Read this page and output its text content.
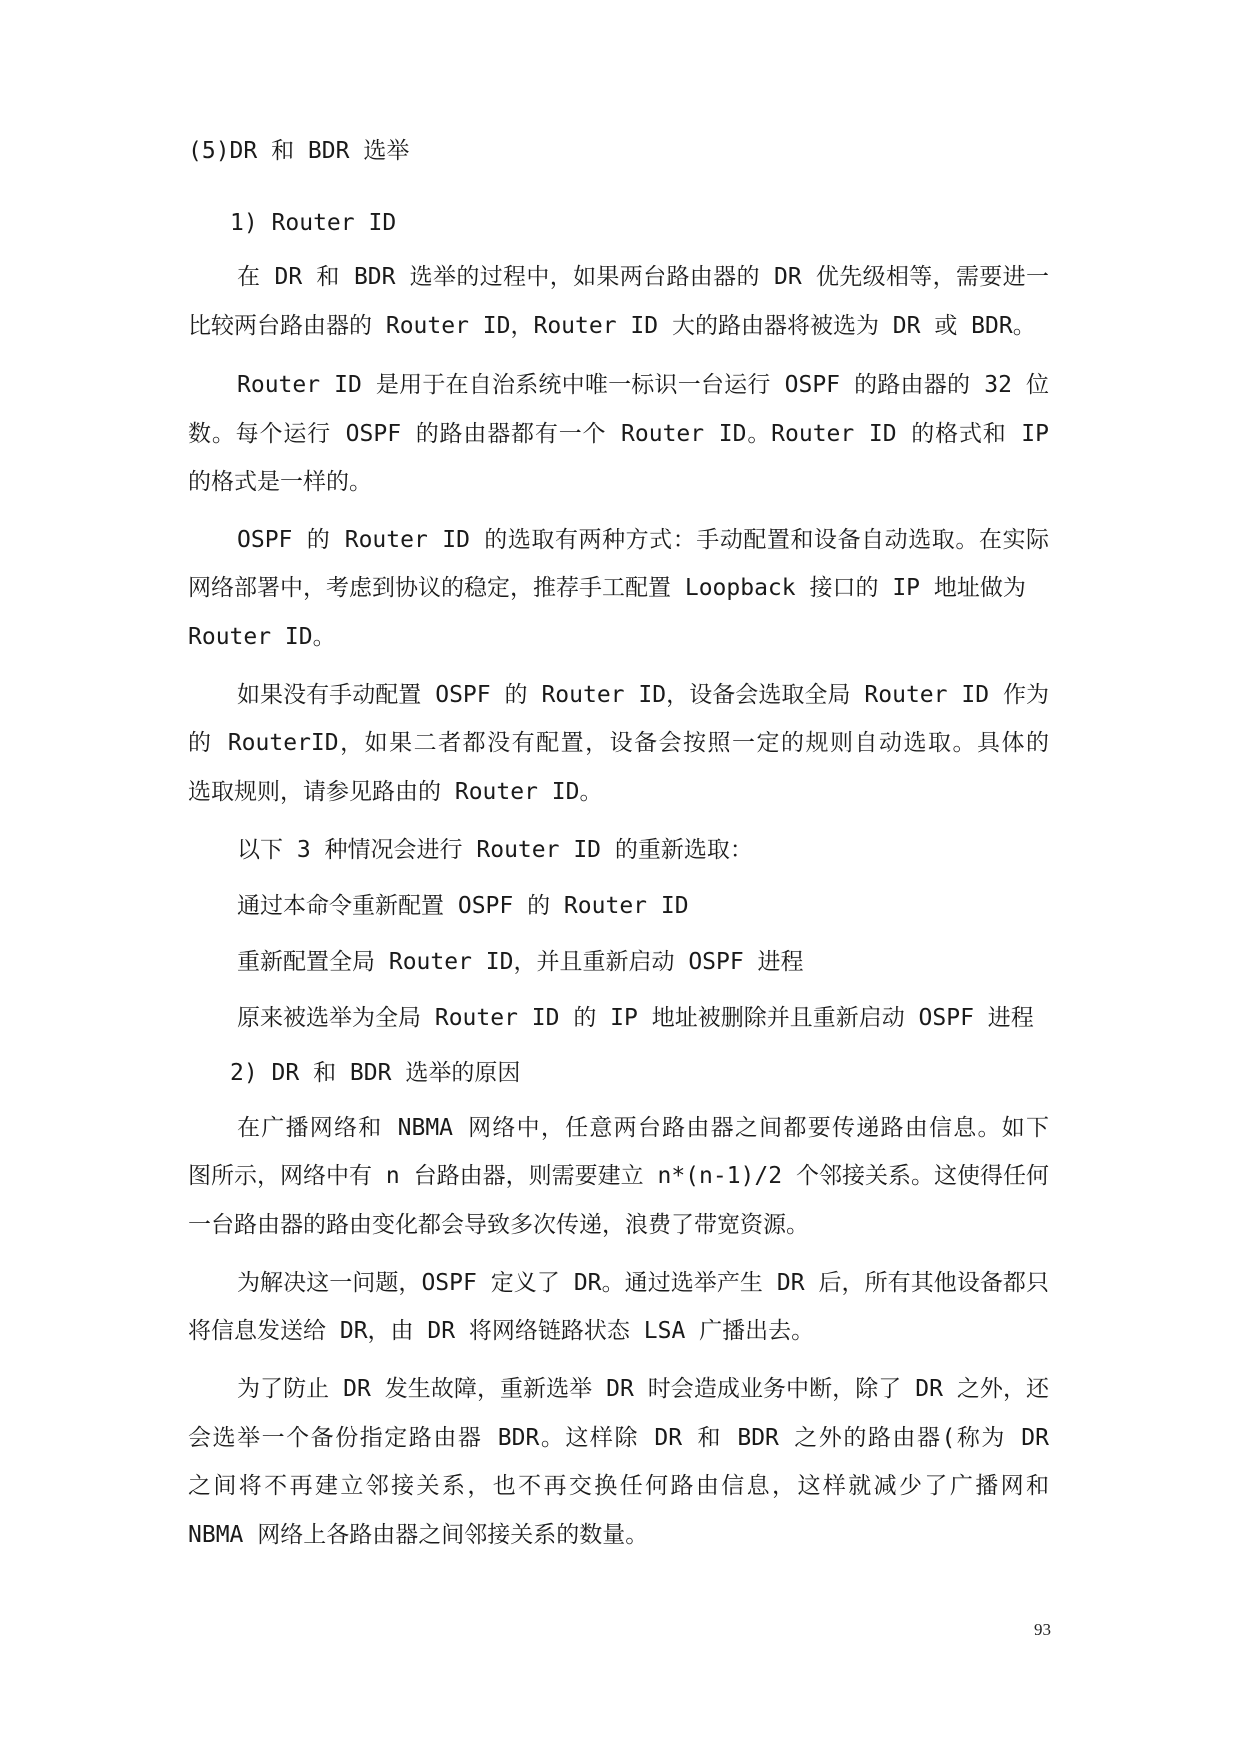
(5)DR 和 BDR 选举
1) Router ID
在 DR 和 BDR 选举的过程中，如果两台路由器的 DR 优先级相等，需要进一
比较两台路由器的 Router ID，Router ID 大的路由器将被选为 DR 或 BDR。
Router ID 是用于在自治系统中唯一标识一台运行 OSPF 的路由器的 32 位
数。每个运行 OSPF 的路由器都有一个 Router ID。Router ID 的格式和 IP
的格式是一样的。
OSPF 的 Router ID 的选取有两种方式：手动配置和设备自动选取。在实际
网络部署中，考虑到协议的稳定，推荐手工配置 Loopback 接口的 IP 地址做为
Router ID。
如果没有手动配置 OSPF 的 Router ID，设备会选取全局 Router ID 作为
的 RouterID，如果二者都没有配置，设备会按照一定的规则自动选取。具体的
选取规则，请参见路由的 Router ID。
以下 3 种情况会进行 Router ID 的重新选取：
通过本命令重新配置 OSPF 的 Router ID
重新配置全局 Router ID，并且重新启动 OSPF 进程
原来被选举为全局 Router ID 的 IP 地址被删除并且重新启动 OSPF 进程
2) DR 和 BDR 选举的原因
在广播网络和 NBMA 网络中，任意两台路由器之间都要传递路由信息。如下
图所示，网络中有 n 台路由器，则需要建立 n*(n-1)/2 个邻接关系。这使得任何
一台路由器的路由变化都会导致多次传递，浪费了带宽资源。
为解决这一问题，OSPF 定义了 DR。通过选举产生 DR 后，所有其他设备都只
将信息发送给 DR，由 DR 将网络链路状态 LSA 广播出去。
为了防止 DR 发生故障，重新选举 DR 时会造成业务中断，除了 DR 之外，还
会选举一个备份指定路由器 BDR。这样除 DR 和 BDR 之外的路由器(称为 DR
之间将不再建立邻接关系，也不再交换任何路由信息，这样就减少了广播网和
NBMA 网络上各路由器之间邻接关系的数量。
93
